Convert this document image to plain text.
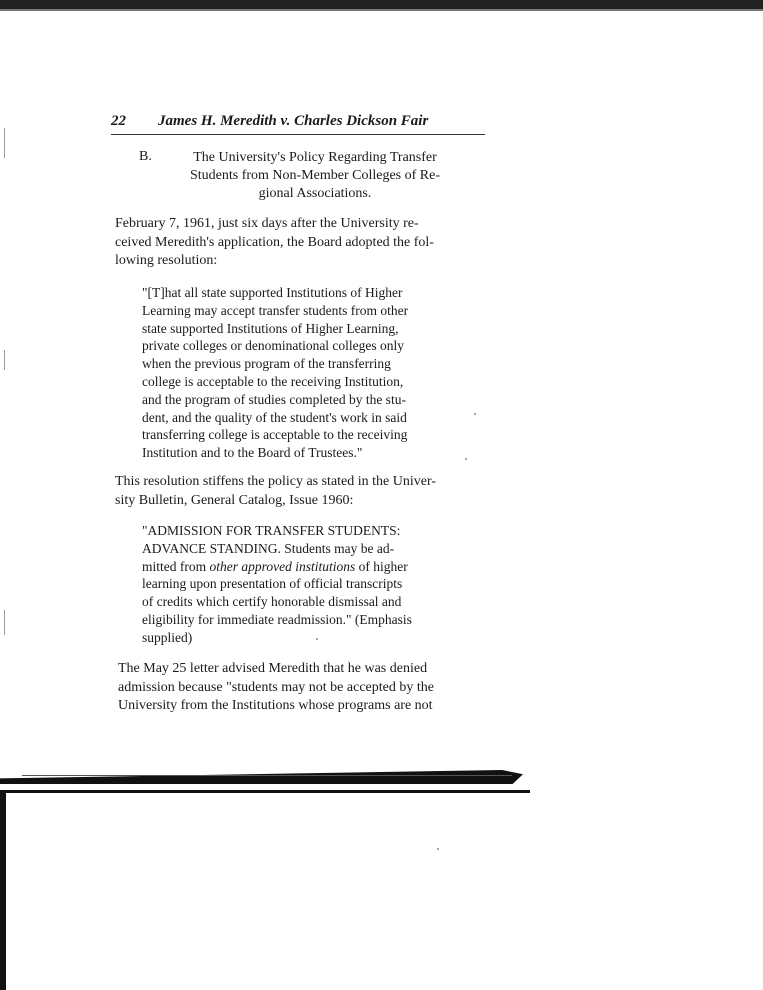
22 James H. Meredith v. Charles Dickson Fair
B.	The University's Policy Regarding Transfer
Students from Non-Member Colleges of Re-
gional Associations.
February 7, 1961, just six days after the University re-
ceived Meredith's application, the Board adopted the fol-
lowing resolution:
"[T]hat all state supported Institutions of Higher
Learning may accept transfer students from other
state supported Institutions of Higher Learning,
private colleges or denominational colleges only
when the previous program of the transferring
college is acceptable to the receiving Institution,
and the program of studies completed by the stu-
dent, and the quality of the student's work in said
transferring college is acceptable to the receiving
Institution and to the Board of Trustees."
This resolution stiffens the policy as stated in the Univer-
sity Bulletin, General Catalog, Issue 1960:
"ADMISSION FOR TRANSFER STUDENTS:
ADVANCE STANDING. Students may be ad-
mitted from other approved institutions of higher
learning upon presentation of official transcripts
of credits which certify honorable dismissal and
eligibility for immediate readmission." (Emphasis
supplied)
The May 25 letter advised Meredith that he was denied
admission because "students may not be accepted by the
University from the Institutions whose programs are not
